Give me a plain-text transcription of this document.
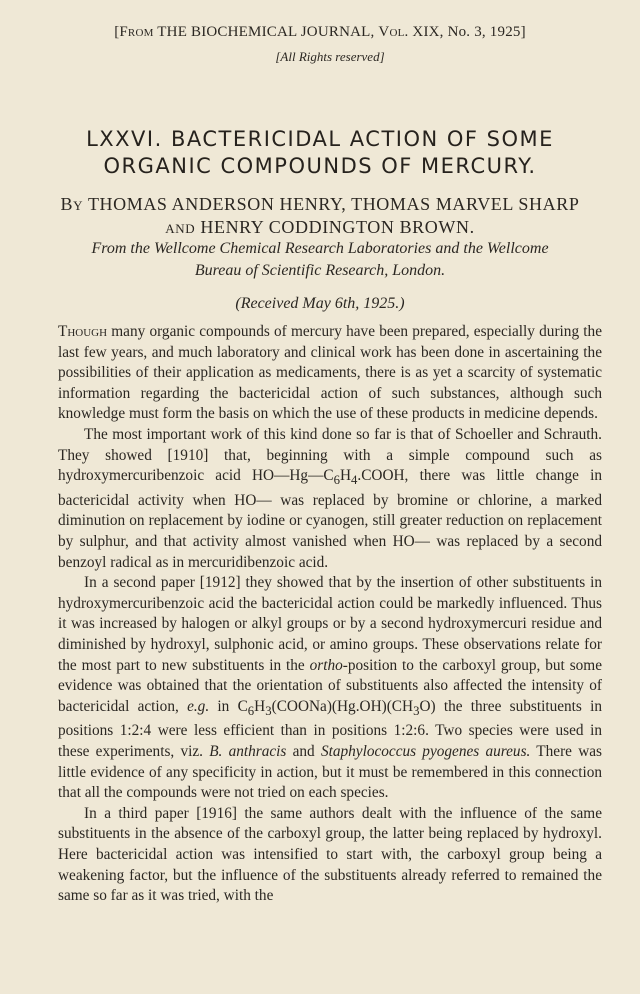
[From THE BIOCHEMICAL JOURNAL, Vol. XIX, No. 3, 1925]
[All Rights reserved]
LXXVI. BACTERICIDAL ACTION OF SOME
ORGANIC COMPOUNDS OF MERCURY.
By THOMAS ANDERSON HENRY, THOMAS MARVEL SHARP
and HENRY CODDINGTON BROWN.
From the Wellcome Chemical Research Laboratories and the Wellcome
Bureau of Scientific Research, London.
(Received May 6th, 1925.)

Though many organic compounds of mercury have been prepared, especially during the last few years, and much laboratory and clinical work has been done in ascertaining the possibilities of their application as medicaments, there is as yet a scarcity of systematic information regarding the bactericidal action of such substances, although such knowledge must form the basis on which the use of these products in medicine depends.

The most important work of this kind done so far is that of Schoeller and Schrauth. They showed [1910] that, beginning with a simple compound such as hydroxymercuribenzoic acid $HO—Hg—C_6H_4.COOH$, there was little change in bactericidal activity when HO— was replaced by bromine or chlorine, a marked diminution on replacement by iodine or cyanogen, still greater reduction on replacement by sulphur, and that activity almost vanished when HO— was replaced by a second benzoyl radical as in mercuridibenzoic acid.

In a second paper [1912] they showed that by the insertion of other substituents in hydroxymercuribenzoic acid the bactericidal action could be markedly influenced. Thus it was increased by halogen or alkyl groups or by a second hydroxymercuri residue and diminished by hydroxyl, sulphonic acid, or amino groups. These observations relate for the most part to new substituents in the ortho-position to the carboxyl group, but some evidence was obtained that the orientation of substituents also affected the intensity of bactericidal action, e.g. in $C_6H_3(COONa)(Hg.OH)(CH_3O)$ the three substituents in positions 1:2:4 were less efficient than in positions 1:2:6. Two species were used in these experiments, viz. B. anthracis and Staphylococcus pyogenes aureus. There was little evidence of any specificity in action, but it must be remembered in this connection that all the compounds were not tried on each species.

In a third paper [1916] the same authors dealt with the influence of the same substituents in the absence of the carboxyl group, the latter being replaced by hydroxyl. Here bactericidal action was intensified to start with, the carboxyl group being a weakening factor, but the influence of the substituents already referred to remained the same so far as it was tried, with the
